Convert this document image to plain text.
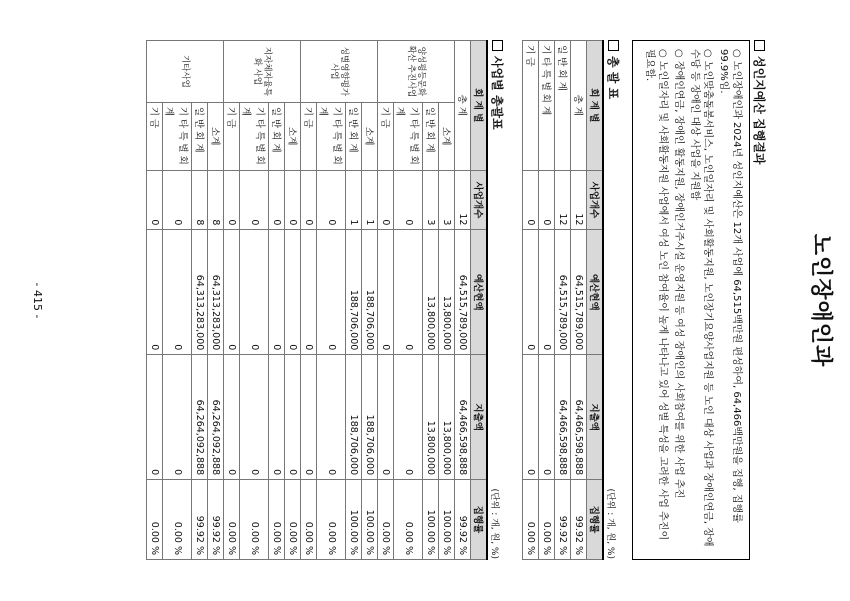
노인장애인과
성인지예산 집행결과

○ 노인장애인과 2024년 성인지예산은 12개 사업에 64,515백만원 편성하여, 64,466백만원을 집행, 집행률 99.9%임.

○ 노인맞춤돌봄서비스, 노인일자리 및 사회활동지원, 노인장기요양사업지원 등 노인 대상 사업과 장애인연금, 장애수당 등 장애인 대상 사업을 지원함

○ 장애인연금, 장애인 활동지원, 장애인거주시설 운영지원 등 여성 장애인의 사회참여를 위한 사업 추진

○ 노인일자리 및 사회활동지원 사업에서 여성 노인 참여율이 높게 나타나고 있어 성별 특성을 고려한 사업 추진이 필요함.

총 괄 표
(단위 : 개, 원, %)
회 계 별	사업개수	예산현액	지출액	집행률
총 계	12	64,515,789,000	64,466,598,888	99.92 %
일 반 회 계	12	64,515,789,000	64,466,598,888	99.92 %
기 타 특 별 회 계	0	0	0	0.00 %
기 금	0	0	0	0.00 %
사업별 총괄표
(단위 : 개, 원, %)
회 계 별		사업개수	예산현액	지출액	집행률
총 계		12	64,515,789,000	64,466,598,888	99.92 %
양성평등문화 확산 추진사업	소계	3	13,800,000	13,800,000	100.00 %
	일 반 회 계	3	13,800,000	13,800,000	100.00 %
	기 타 특 별 회 계	0	0	0	0.00 %
	기 금	0	0	0	0.00 %
성별영향평가 사업	소계	1	188,706,000	188,706,000	100.00 %
	일 반 회 계	1	188,706,000	188,706,000	100.00 %
	기 타 특 별 회 계	0	0	0	0.00 %
	기 금	0	0	0	0.00 %
지자체자율특화 사업	소계	0	0	0	0.00 %
	일 반 회 계	0	0	0	0.00 %
	기 타 특 별 회 계	0	0	0	0.00 %
	기 금	0	0	0	0.00 %
기타사업	소계	8	64,313,283,000	64,264,092,888	99.92 %
	일 반 회 계	8	64,313,283,000	64,264,092,888	99.92 %
	기 타 특 별 회 계	0	0	0	0.00 %
	기 금	0	0	0	0.00 %
- 415 -
